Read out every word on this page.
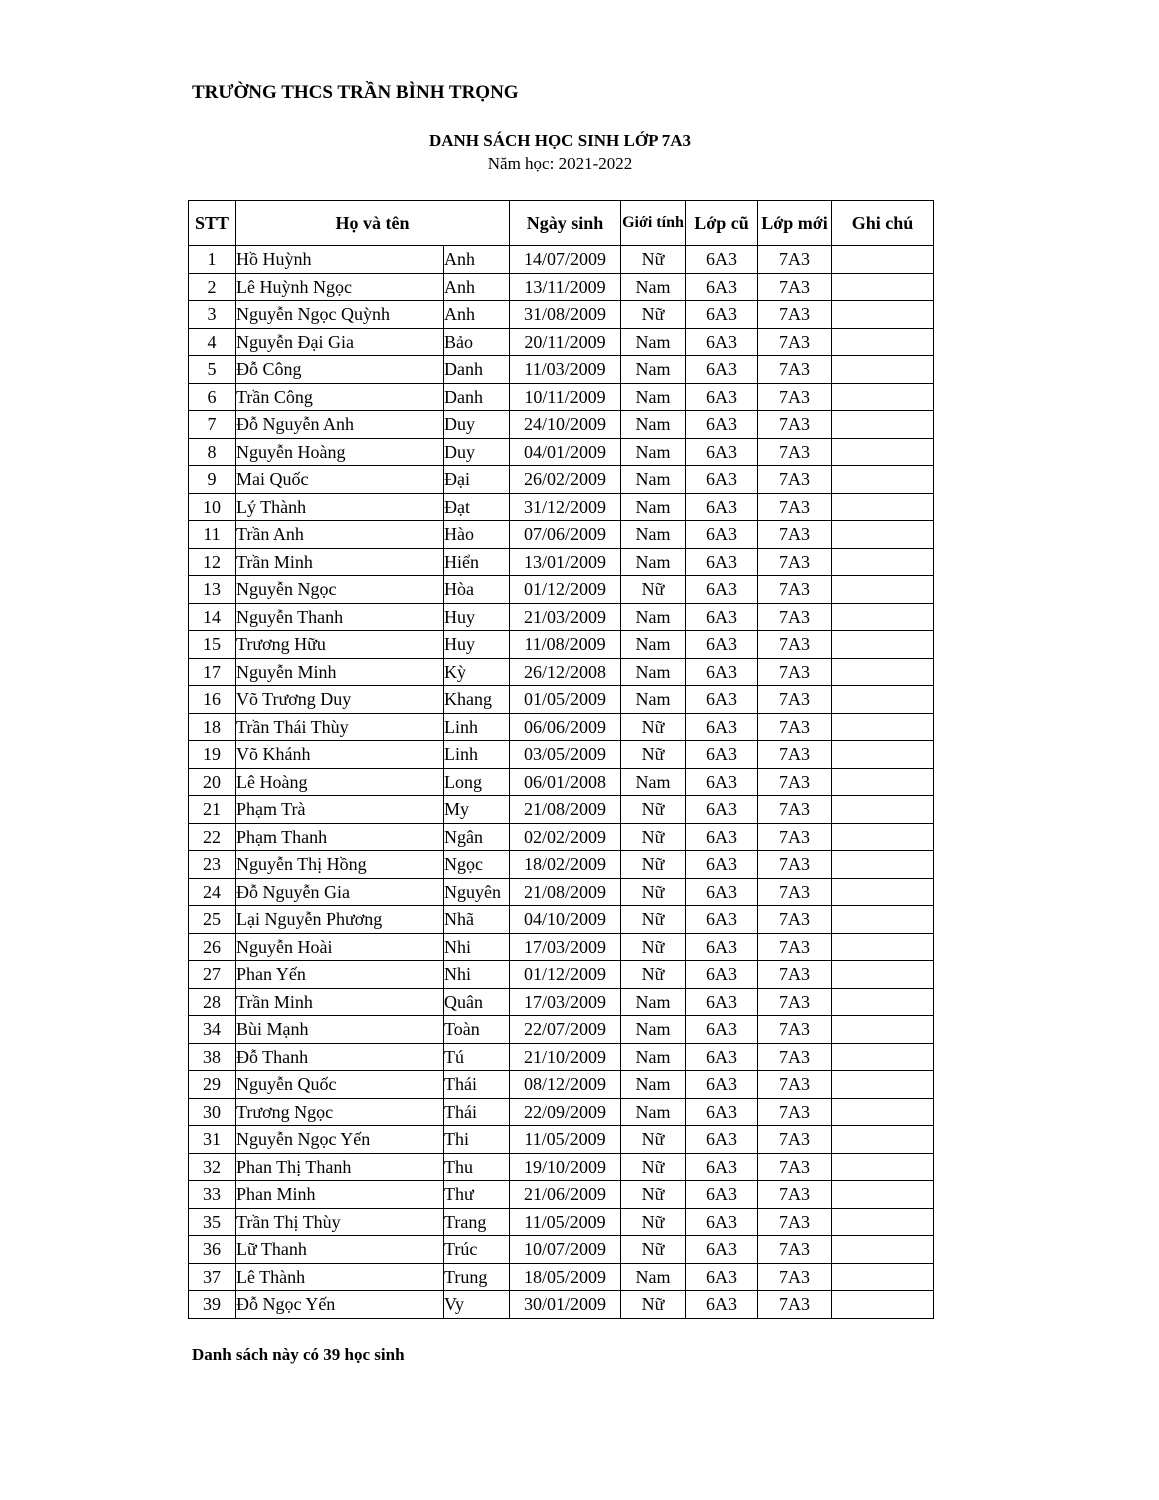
TRƯỜNG THCS TRẦN BÌNH TRỌNG
DANH SÁCH HỌC SINH LỚP 7A3
Năm học: 2021-2022
STT	Họ và tên		Ngày sinh	Giới tính	Lớp cũ	Lớp mới	Ghi chú
1	Hồ Huỳnh	Anh	14/07/2009	Nữ	6A3	7A3	
2	Lê Huỳnh Ngọc	Anh	13/11/2009	Nam	6A3	7A3	
3	Nguyễn Ngọc Quỳnh	Anh	31/08/2009	Nữ	6A3	7A3	
4	Nguyễn Đại Gia	Bảo	20/11/2009	Nam	6A3	7A3	
5	Đỗ Công	Danh	11/03/2009	Nam	6A3	7A3	
6	Trần Công	Danh	10/11/2009	Nam	6A3	7A3	
7	Đỗ Nguyễn Anh	Duy	24/10/2009	Nam	6A3	7A3	
8	Nguyễn Hoàng	Duy	04/01/2009	Nam	6A3	7A3	
9	Mai Quốc	Đại	26/02/2009	Nam	6A3	7A3	
10	Lý Thành	Đạt	31/12/2009	Nam	6A3	7A3	
11	Trần Anh	Hào	07/06/2009	Nam	6A3	7A3	
12	Trần Minh	Hiển	13/01/2009	Nam	6A3	7A3	
13	Nguyễn Ngọc	Hòa	01/12/2009	Nữ	6A3	7A3	
14	Nguyễn Thanh	Huy	21/03/2009	Nam	6A3	7A3	
15	Trương Hữu	Huy	11/08/2009	Nam	6A3	7A3	
17	Nguyễn Minh	Kỳ	26/12/2008	Nam	6A3	7A3	
16	Võ Trương Duy	Khang	01/05/2009	Nam	6A3	7A3	
18	Trần Thái Thùy	Linh	06/06/2009	Nữ	6A3	7A3	
19	Võ Khánh	Linh	03/05/2009	Nữ	6A3	7A3	
20	Lê Hoàng	Long	06/01/2008	Nam	6A3	7A3	
21	Phạm Trà	My	21/08/2009	Nữ	6A3	7A3	
22	Phạm Thanh	Ngân	02/02/2009	Nữ	6A3	7A3	
23	Nguyễn Thị Hồng	Ngọc	18/02/2009	Nữ	6A3	7A3	
24	Đỗ Nguyễn Gia	Nguyên	21/08/2009	Nữ	6A3	7A3	
25	Lại Nguyễn Phương	Nhã	04/10/2009	Nữ	6A3	7A3	
26	Nguyễn Hoài	Nhi	17/03/2009	Nữ	6A3	7A3	
27	Phan Yến	Nhi	01/12/2009	Nữ	6A3	7A3	
28	Trần Minh	Quân	17/03/2009	Nam	6A3	7A3	
34	Bùi Mạnh	Toàn	22/07/2009	Nam	6A3	7A3	
38	Đỗ Thanh	Tú	21/10/2009	Nam	6A3	7A3	
29	Nguyễn Quốc	Thái	08/12/2009	Nam	6A3	7A3	
30	Trương Ngọc	Thái	22/09/2009	Nam	6A3	7A3	
31	Nguyễn Ngọc Yến	Thi	11/05/2009	Nữ	6A3	7A3	
32	Phan Thị Thanh	Thu	19/10/2009	Nữ	6A3	7A3	
33	Phan Minh	Thư	21/06/2009	Nữ	6A3	7A3	
35	Trần Thị Thùy	Trang	11/05/2009	Nữ	6A3	7A3	
36	Lữ Thanh	Trúc	10/07/2009	Nữ	6A3	7A3	
37	Lê Thành	Trung	18/05/2009	Nam	6A3	7A3	
39	Đỗ Ngọc Yến	Vy	30/01/2009	Nữ	6A3	7A3	
Danh sách này có 39 học sinh
